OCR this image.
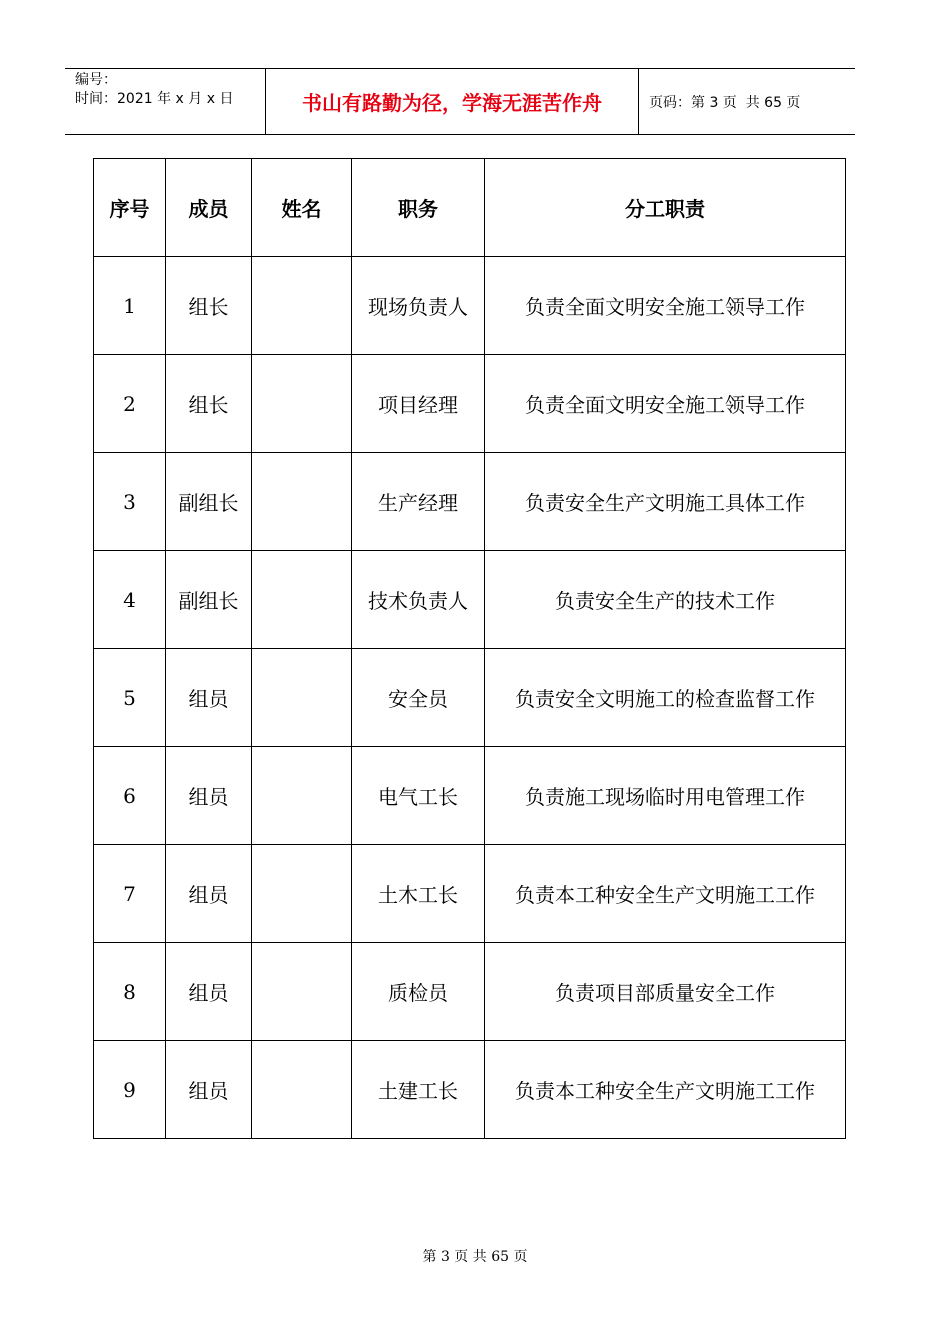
编号：
时间：2021 年 x 月 x 日	书山有路勤为径，学海无涯苦作舟	页码：第 3 页  共 65 页
序号	成员	姓名	职务	分工职责
1	组长		现场负责人	负责全面文明安全施工领导工作
2	组长		项目经理	负责全面文明安全施工领导工作
3	副组长		生产经理	负责安全生产文明施工具体工作
4	副组长		技术负责人	负责安全生产的技术工作
5	组员		安全员	负责安全文明施工的检查监督工作
6	组员		电气工长	负责施工现场临时用电管理工作
7	组员		土木工长	负责本工种安全生产文明施工工作
8	组员		质检员	负责项目部质量安全工作
9	组员		土建工长	负责本工种安全生产文明施工工作
第 3 页 共 65 页
